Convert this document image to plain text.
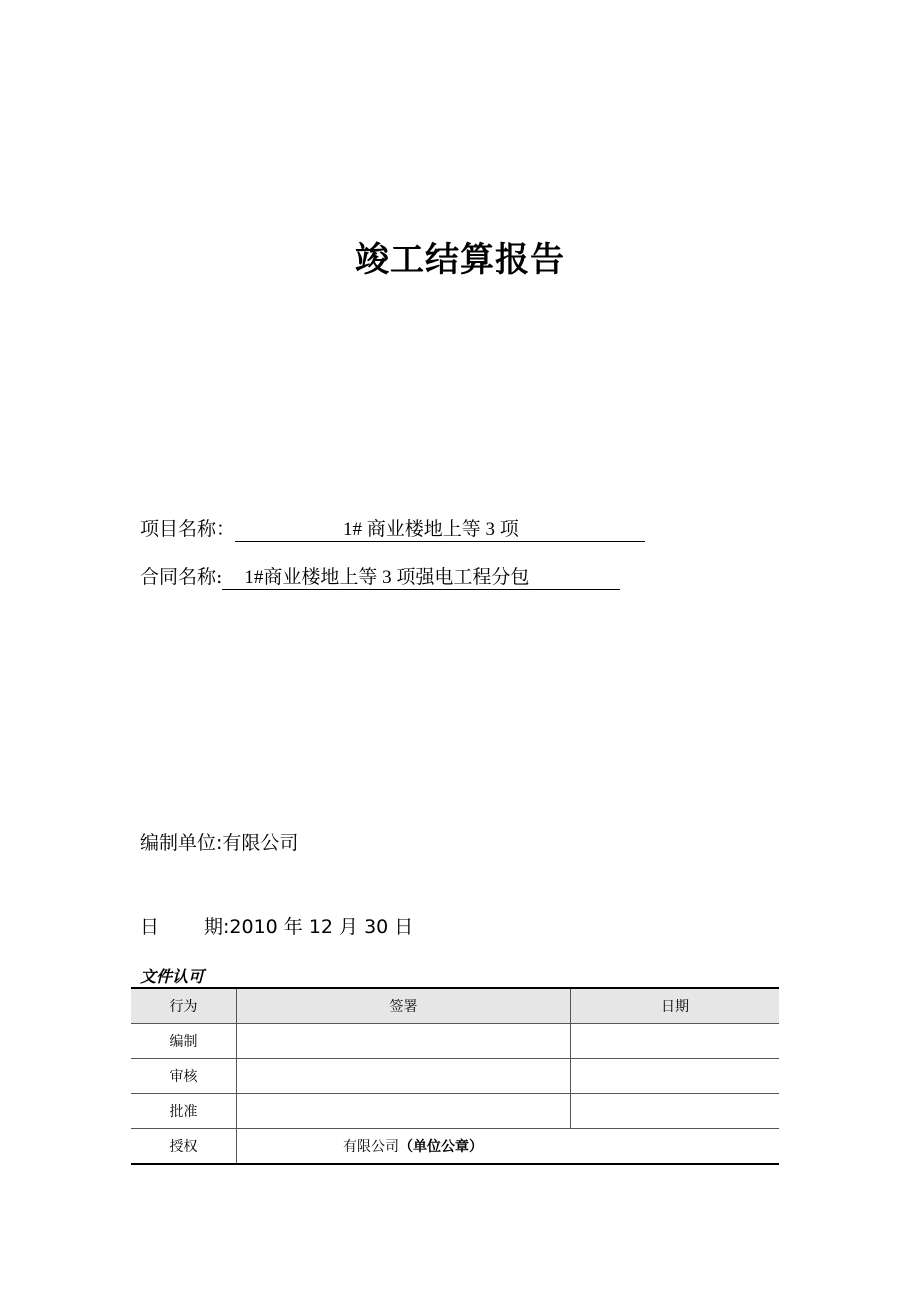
竣工结算报告
项目名称：	1# 商业楼地上等 3 项
合同名称: 1#商业楼地上等 3 项强电工程分包
编制单位:有限公司
日 期:2010 年 12 月 30 日
文件认可
行为	签署	日期
编制		
审核		
批准		
授权	有限公司（单位公章）	
